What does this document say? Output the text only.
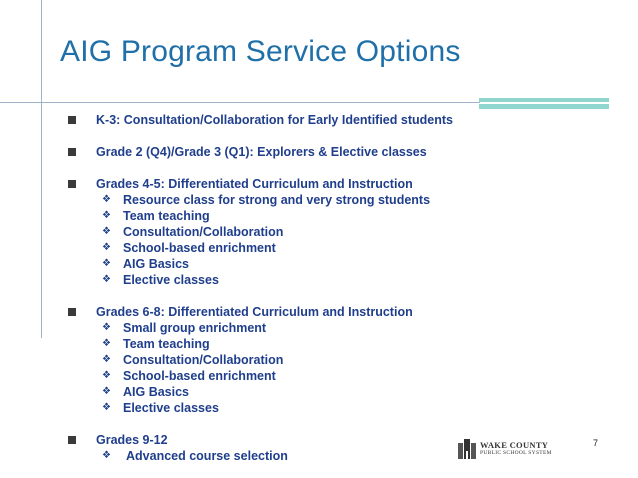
AIG Program Service Options
K-3: Consultation/Collaboration for Early Identified students
Grade 2 (Q4)/Grade 3 (Q1): Explorers & Elective classes
Grades 4-5: Differentiated Curriculum and Instruction
❖ Resource class for strong and very strong students
❖ Team teaching
❖ Consultation/Collaboration
❖ School-based enrichment
❖ AIG Basics
❖ Elective classes
Grades 6-8: Differentiated Curriculum and Instruction
❖ Small group enrichment
❖ Team teaching
❖ Consultation/Collaboration
❖ School-based enrichment
❖ AIG Basics
❖ Elective classes
Grades 9-12
❖ Advanced course selection
WAKE COUNTY
PUBLIC SCHOOL SYSTEM
7
